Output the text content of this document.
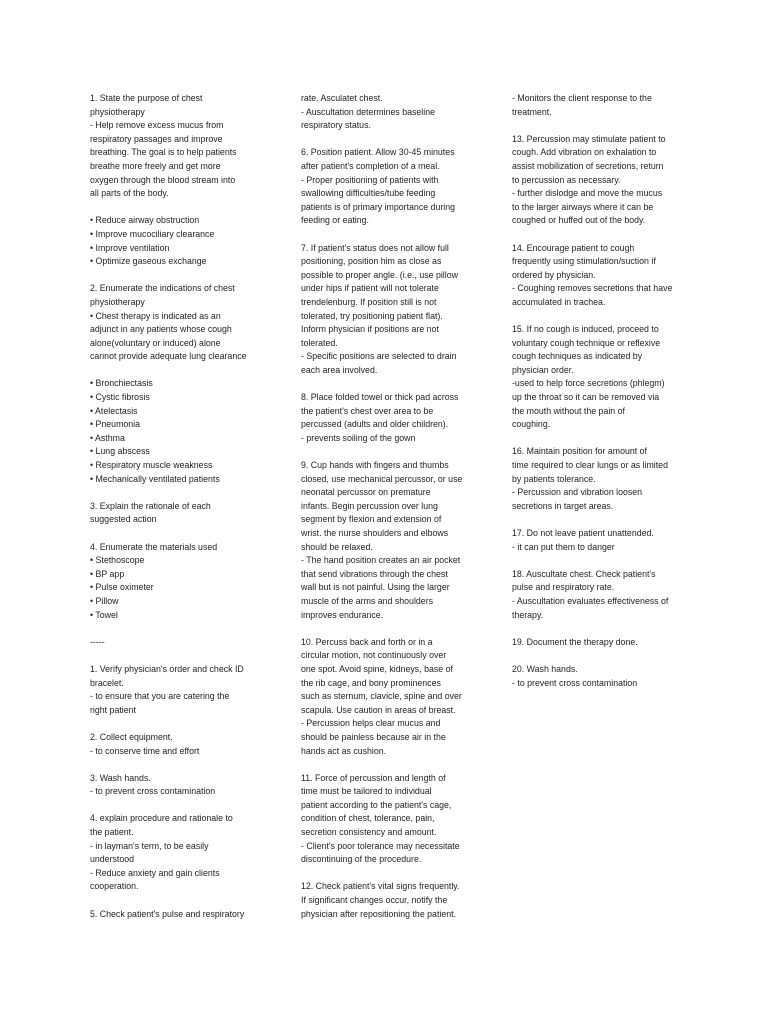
1. State the purpose of chest
physiotherapy
- Help remove excess mucus from
respiratory passages and improve
breathing. The goal is to help patients
breathe more freely and get more
oxygen through the blood stream into
all parts of the body.
• Reduce airway obstruction
• Improve mucociliary clearance
• Improve ventilation
• Optimize gaseous exchange
2. Enumerate the indications of chest
physiotherapy
• Chest therapy is indicated as an
adjunct in any patients whose cough
alone(voluntary or induced) alone
cannot provide adequate lung clearance
• Bronchiectasis
• Cystic fibrosis
• Atelectasis
• Pneumonia
• Asthma
• Lung abscess
• Respiratory muscle weakness
• Mechanically ventilated patients
3. Explain the rationale of each
suggested action
4. Enumerate the materials used
• Stethoscope
• BP app
• Pulse oximeter
• Pillow
• Towel
-----
1. Verify physician's order and check ID
bracelet.
- to ensure that you are catering the
right patient
2. Collect equipment.
- to conserve time and effort
3. Wash hands.
- to prevent cross contamination
4. explain procedure and rationale to
the patient.
- in layman's term, to be easily
understood
- Reduce anxiety and gain clients
cooperation.
5. Check patient's pulse and respiratory
rate. Asculatet chest.
- Auscultation determines baseline
respiratory status.
6. Position patient. Allow 30-45 minutes
after patient's completion of a meal.
- Proper positioning of patients with
swallowing difficulties/tube feeding
patients is of primary importance during
feeding or eating.
7. If patient's status does not allow full
positioning, position him as close as
possible to proper angle. (i.e., use pillow
under hips if patient will not tolerate
trendelenburg. If position still is not
tolerated, try positioning patient flat).
Inform physician if positions are not
tolerated.
- Specific positions are selected to drain
each area involved.
8. Place folded towel or thick pad across
the patient's chest over area to be
percussed (adults and older children).
- prevents soiling of the gown
9. Cup hands with fingers and thumbs
closed, use mechanical percussor, or use
neonatal percussor on premature
infants. Begin percussion over lung
segment by flexion and extension of
wrist. the nurse shoulders and elbows
should be relaxed.
- The hand position creates an air pocket
that send vibrations through the chest
wall but is not painful. Using the larger
muscle of the arms and shoulders
improves endurance.
10. Percuss back and forth or in a
circular motion, not continuously over
one spot. Avoid spine, kidneys, base of
the rib cage, and bony prominences
such as sternum, clavicle, spine and over
scapula. Use caution in areas of breast.
- Percussion helps clear mucus and
should be painless because air in the
hands act as cushion.
11. Force of percussion and length of
time must be tailored to individual
patient according to the patient's cage,
condition of chest, tolerance, pain,
secretion consistency and amount.
- Client's poor tolerance may necessitate
discontinuing of the procedure.
12. Check patient's vital signs frequently.
If significant changes occur, notify the
physician after repositioning the patient.
- Monitors the client response to the
treatment.
13. Percussion may stimulate patient to
cough. Add vibration on exhalation to
assist mobilization of secretions, return
to percussion as necessary.
- further dislodge and move the mucus
to the larger airways where it can be
coughed or huffed out of the body.
14. Encourage patient to cough
frequently using stimulation/suction if
ordered by physician.
- Coughing removes secretions that have
accumulated in trachea.
15. If no cough is induced, proceed to
voluntary cough technique or reflexive
cough techniques as indicated by
physician order.
-used to help force secretions (phlegm)
up the throat so it can be removed via
the mouth without the pain of
coughing.
16. Maintain position for amount of
time required to clear lungs or as limited
by patients tolerance.
- Percussion and vibration loosen
secretions in target areas.
17. Do not leave patient unattended.
- it can put them to danger
18. Auscultate chest. Check patient's
pulse and respiratory rate.
- Auscultation evaluates effectiveness of
therapy.
19. Document the therapy done.
20. Wash hands.
- to prevent cross contamination
